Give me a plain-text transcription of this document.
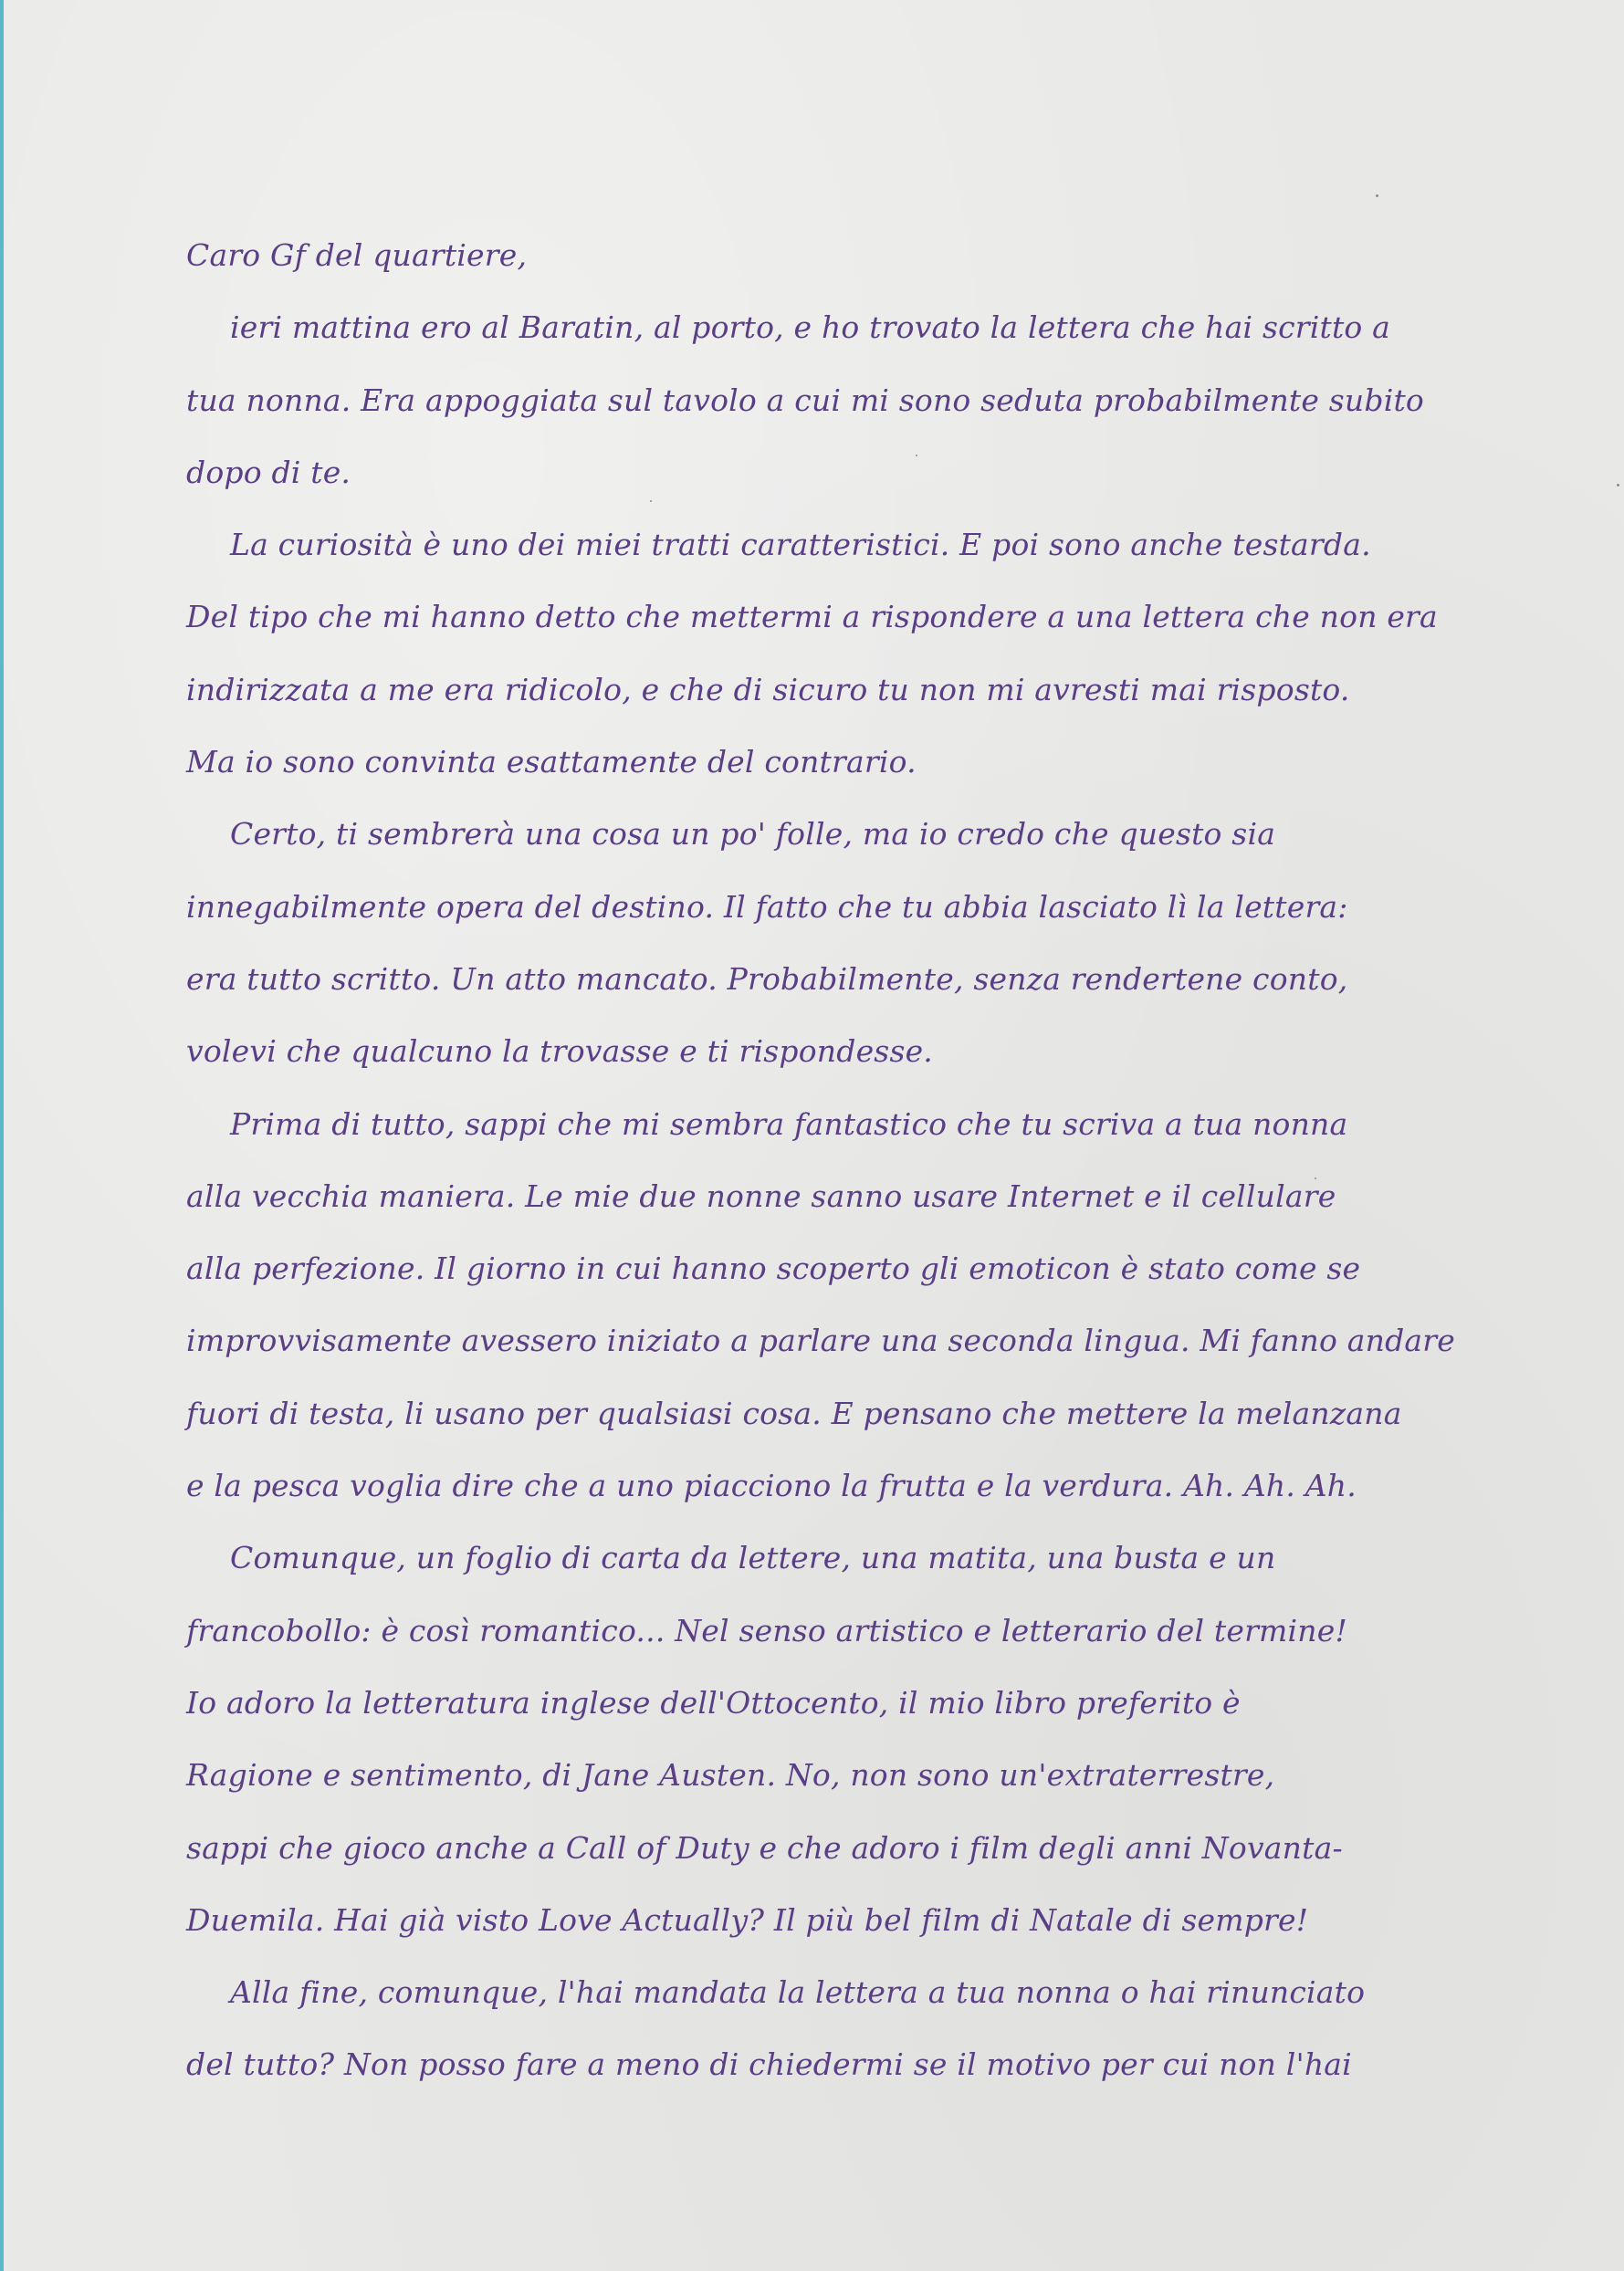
Caro Gf del quartiere,
ieri mattina ero al Baratin, al porto, e ho trovato la lettera che hai scritto a
tua nonna. Era appoggiata sul tavolo a cui mi sono seduta probabilmente subito
dopo di te.
La curiosità è uno dei miei tratti caratteristici. E poi sono anche testarda.
Del tipo che mi hanno detto che mettermi a rispondere a una lettera che non era
indirizzata a me era ridicolo, e che di sicuro tu non mi avresti mai risposto.
Ma io sono convinta esattamente del contrario.
Certo, ti sembrerà una cosa un po' folle, ma io credo che questo sia
innegabilmente opera del destino. Il fatto che tu abbia lasciato lì la lettera:
era tutto scritto. Un atto mancato. Probabilmente, senza rendertene conto,
volevi che qualcuno la trovasse e ti rispondesse.
Prima di tutto, sappi che mi sembra fantastico che tu scriva a tua nonna
alla vecchia maniera. Le mie due nonne sanno usare Internet e il cellulare
alla perfezione. Il giorno in cui hanno scoperto gli emoticon è stato come se
improvvisamente avessero iniziato a parlare una seconda lingua. Mi fanno andare
fuori di testa, li usano per qualsiasi cosa. E pensano che mettere la melanzana
e la pesca voglia dire che a uno piacciono la frutta e la verdura. Ah. Ah. Ah.
Comunque, un foglio di carta da lettere, una matita, una busta e un
francobollo: è così romantico... Nel senso artistico e letterario del termine!
Io adoro la letteratura inglese dell'Ottocento, il mio libro preferito è
Ragione e sentimento, di Jane Austen. No, non sono un'extraterrestre,
sappi che gioco anche a Call of Duty e che adoro i film degli anni Novanta-
Duemila. Hai già visto Love Actually? Il più bel film di Natale di sempre!
Alla fine, comunque, l'hai mandata la lettera a tua nonna o hai rinunciato
del tutto? Non posso fare a meno di chiedermi se il motivo per cui non l'hai
